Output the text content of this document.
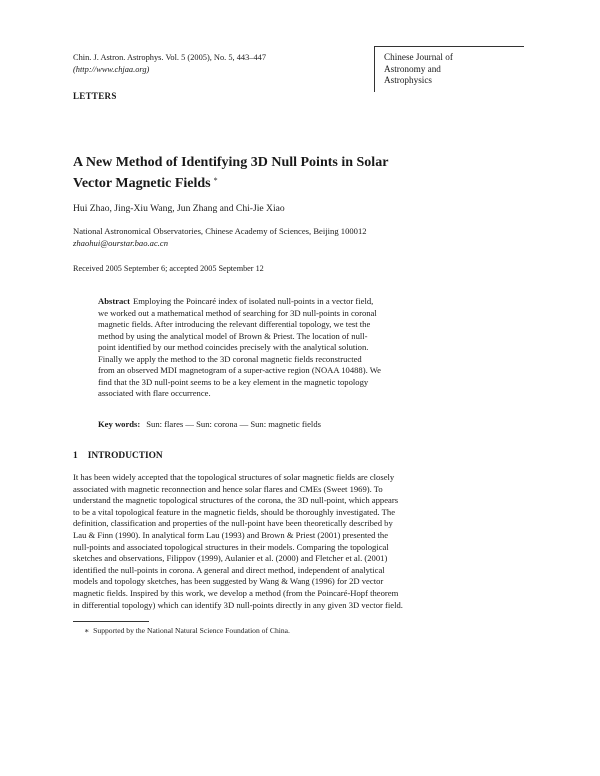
Chin. J. Astron. Astrophys. Vol. 5 (2005), No. 5, 443–447
(http://www.chjaa.org)
Chinese Journal of
Astronomy and
Astrophysics
LETTERS
A New Method of Identifying 3D Null Points in Solar
Vector Magnetic Fields *
Hui Zhao, Jing-Xiu Wang, Jun Zhang and Chi-Jie Xiao
National Astronomical Observatories, Chinese Academy of Sciences, Beijing 100012
zhaohui@ourstar.bao.ac.cn
Received 2005 September 6; accepted 2005 September 12
Abstract Employing the Poincaré index of isolated null-points in a vector field,
we worked out a mathematical method of searching for 3D null-points in coronal
magnetic fields. After introducing the relevant differential topology, we test the
method by using the analytical model of Brown & Priest. The location of null-
point identified by our method coincides precisely with the analytical solution.
Finally we apply the method to the 3D coronal magnetic fields reconstructed
from an observed MDI magnetogram of a super-active region (NOAA 10488). We
find that the 3D null-point seems to be a key element in the magnetic topology
associated with flare occurrence.
Key words: Sun: flares — Sun: corona — Sun: magnetic fields
1 INTRODUCTION
It has been widely accepted that the topological structures of solar magnetic fields are closely
associated with magnetic reconnection and hence solar flares and CMEs (Sweet 1969). To
understand the magnetic topological structures of the corona, the 3D null-point, which appears
to be a vital topological feature in the magnetic fields, should be thoroughly investigated. The
definition, classification and properties of the null-point have been theoretically described by
Lau & Finn (1990). In analytical form Lau (1993) and Brown & Priest (2001) presented the
null-points and associated topological structures in their models. Comparing the topological
sketches and observations, Filippov (1999), Aulanier et al. (2000) and Fletcher et al. (2001)
identified the null-points in corona. A general and direct method, independent of analytical
models and topology sketches, has been suggested by Wang & Wang (1996) for 2D vector
magnetic fields. Inspired by this work, we develop a method (from the Poincaré-Hopf theorem
in differential topology) which can identify 3D null-points directly in any given 3D vector field.
∗ Supported by the National Natural Science Foundation of China.
